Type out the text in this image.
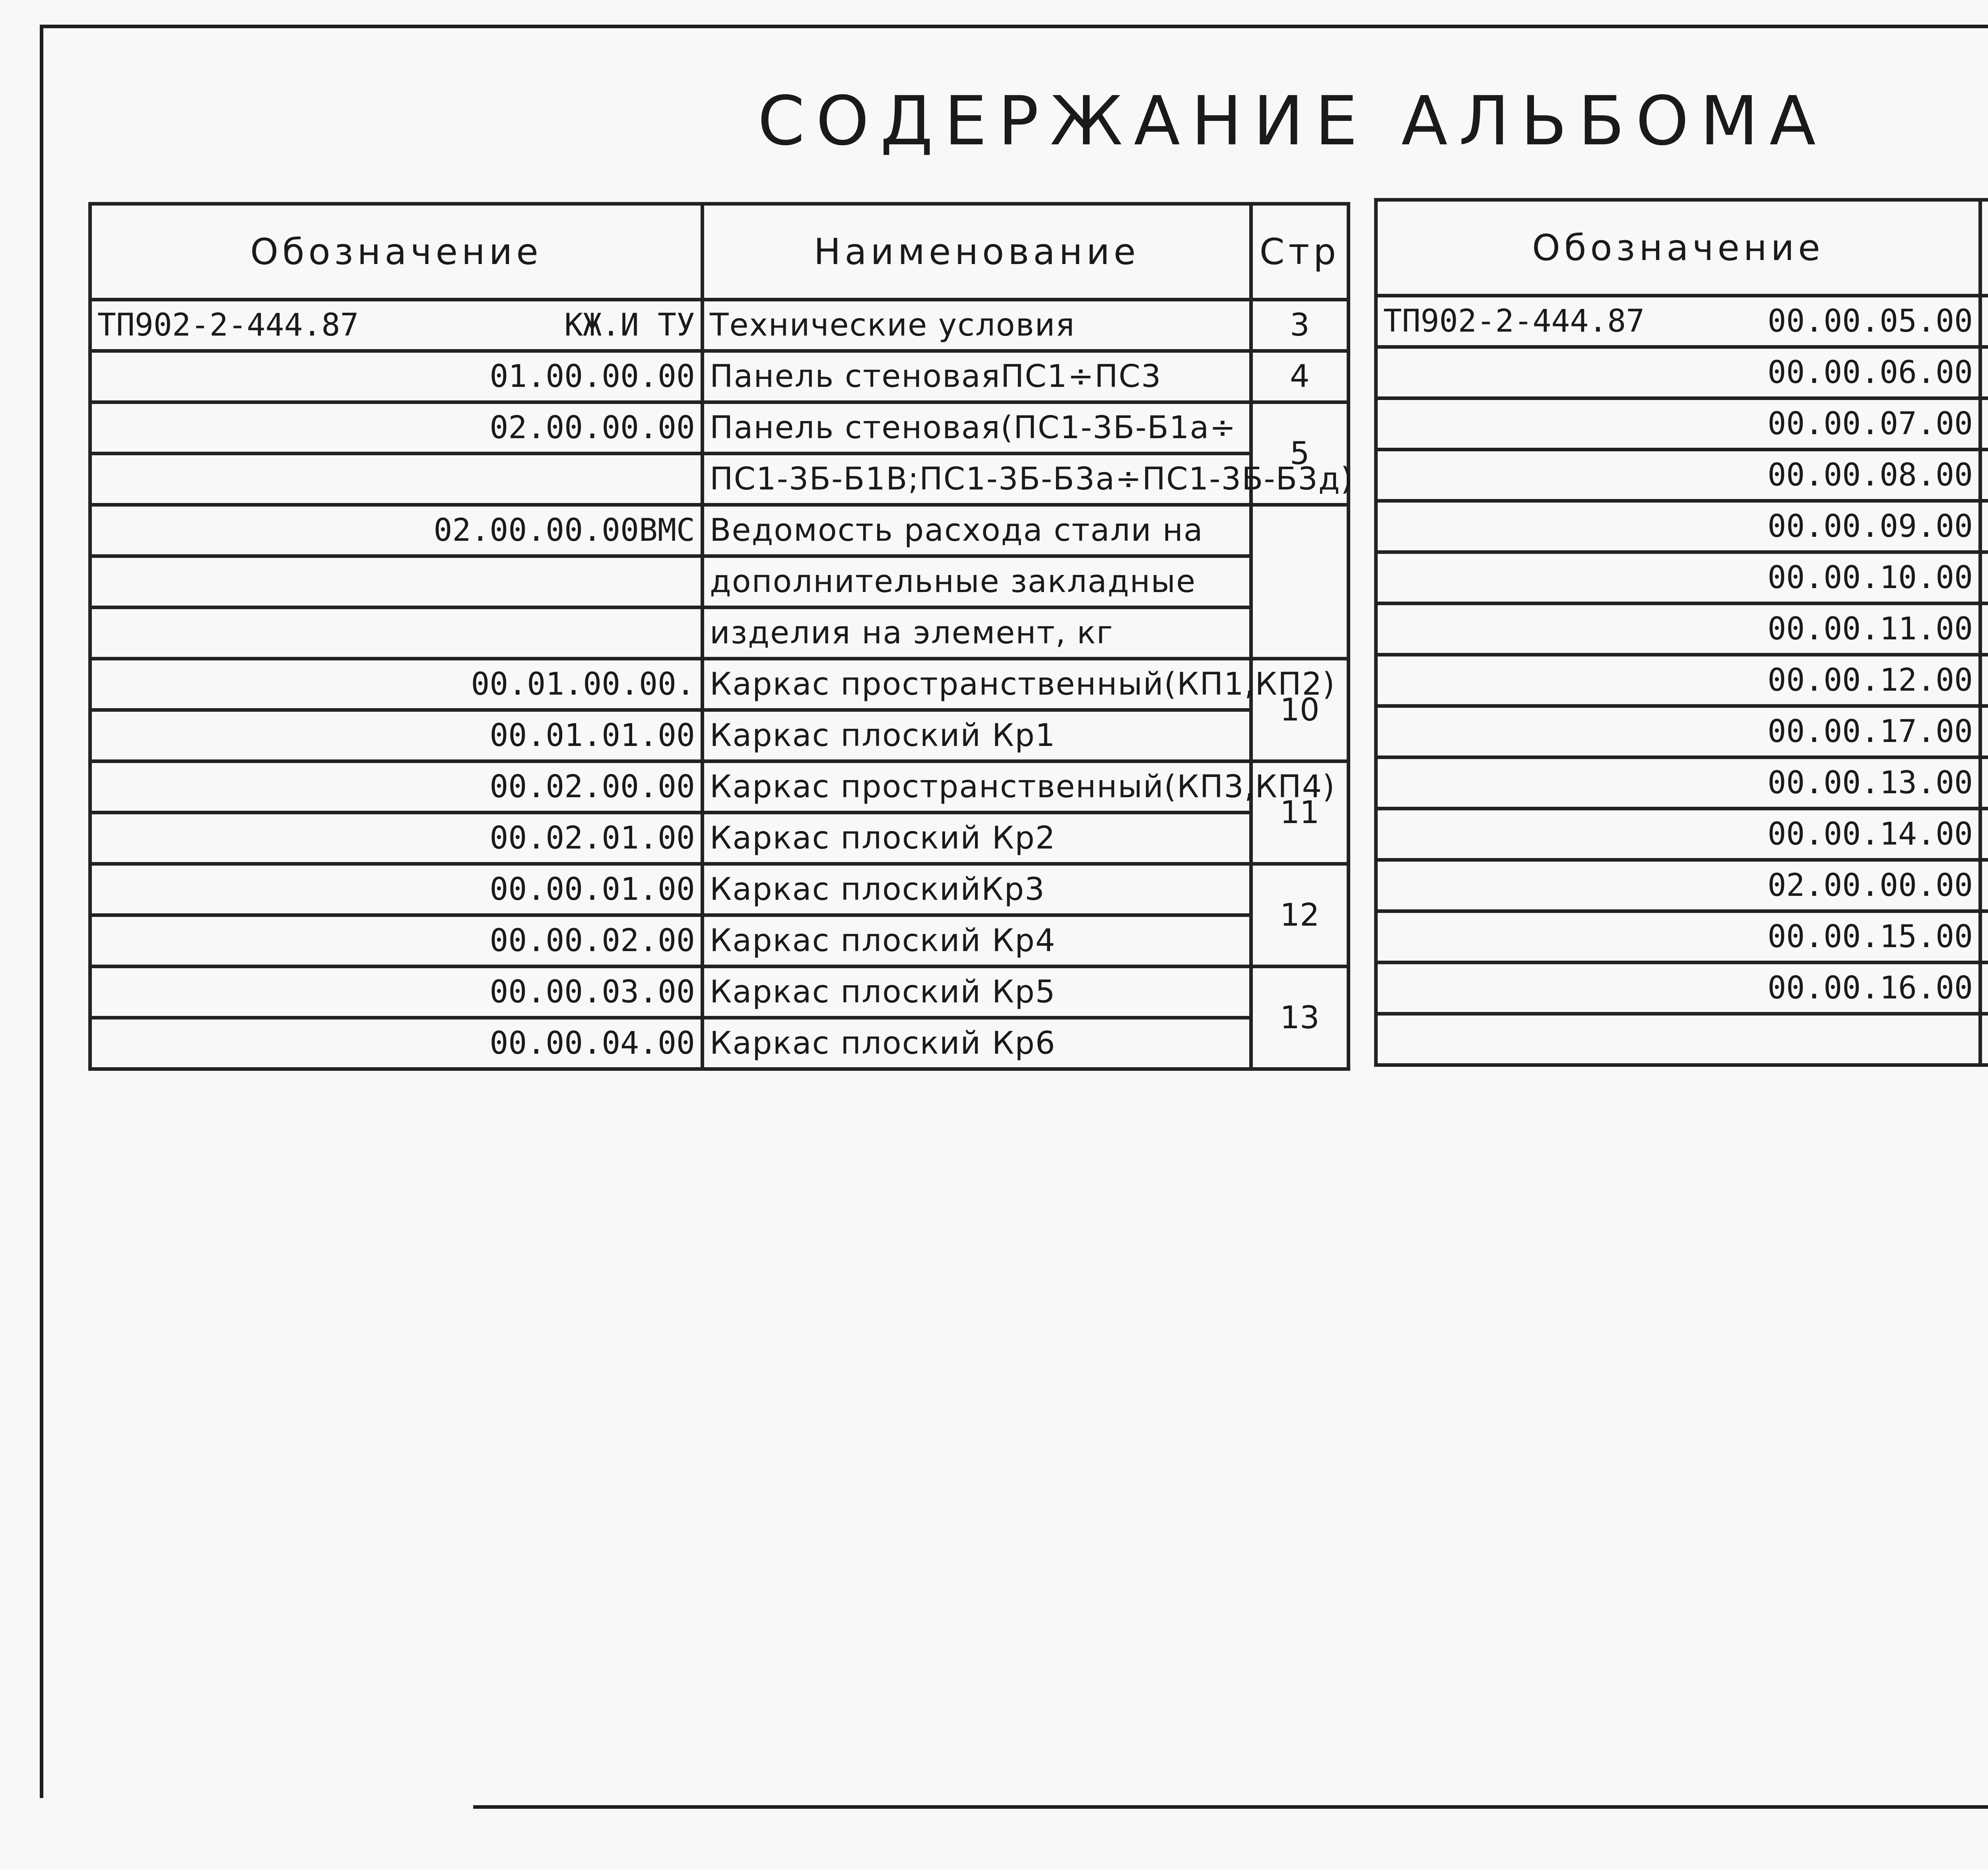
СОДЕРЖАНИЕ АЛЬБОМА
Обозначение	Наименование	Стр

ТП902-2-444.87 КЖ.И ТУ	Технические условия	3
01.00.00.00	Панель стеноваяПС1÷ПС3	4
02.00.00.00	Панель стеновая(ПС1-3Б-Б1а÷	5
	ПС1-3Б-Б1В;ПС1-3Б-Б3а÷ПС1-3Б-Б3д)	
02.00.00.00ВМС	Ведомость расхода стали на	
	дополнительные закладные	
	изделия на элемент, кг	
00.01.00.00.	Каркас пространственный(КП1,КП2)	10
00.01.01.00	Каркас плоский Кр1	
00.02.00.00	Каркас пространственный(КП3,КП4)	11
00.02.01.00	Каркас плоский Кр2	
00.00.01.00	Каркас плоскийКр3	12
00.00.02.00	Каркас плоский Кр4	
00.00.03.00	Каркас плоский Кр5	13
00.00.04.00	Каркас плоский Кр6	
Обозначение		

ТП902-2-444.87 00.00.05.00		
00.00.06.00	
00.00.07.00		
00.00.08.00	
00.00.09.00		
00.00.10.00	
00.00.11.00		
00.00.12.00	
00.00.17.00		
00.00.13.00	
00.00.14.00		
02.00.00.00	
00.00.15.00		
00.00.16.00	
